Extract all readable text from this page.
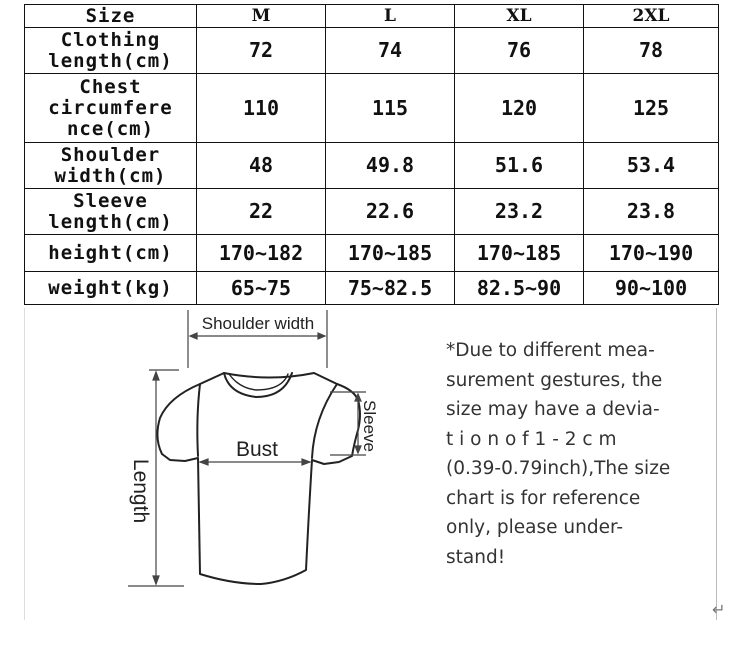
Size	M	L	XL	2XL
Clothing
length(cm)	72	74	76	78
Chest
circumfere
nce(cm)	110	115	120	125
Shoulder
width(cm)	48	49.8	51.6	53.4
Sleeve
length(cm)	22	22.6	23.2	23.8
height(cm)	170~182	170~185	170~185	170~190
weight(kg)	65~75	75~82.5	82.5~90	90~100
Shoulder width
Bust
Length
Sleeve
*Due to different mea-
surement gestures, the
size may have a devia-
t i o n o f 1 - 2 c m
(0.39-0.79inch),The size
chart is for reference
only, please under-
stand!
↵
